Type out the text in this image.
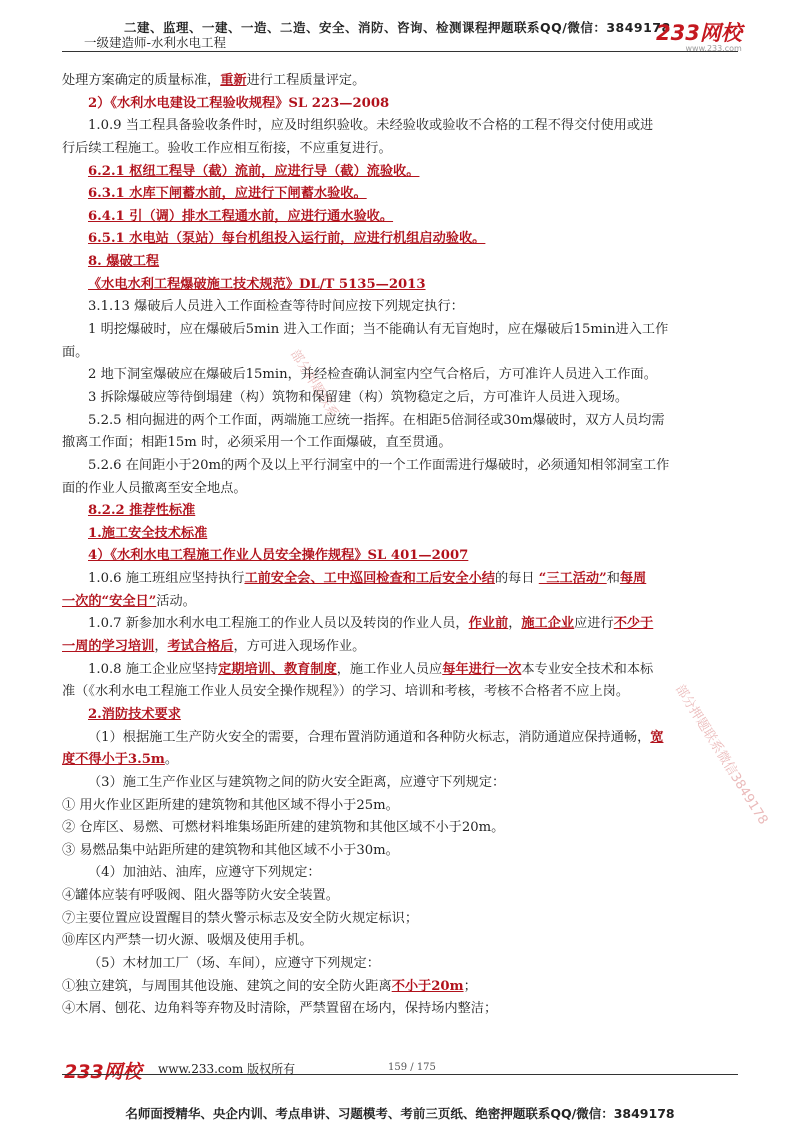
二建、监理、一建、一造、二造、安全、消防、咨询、检测课程押题联系QQ/微信：3849178
一级建造师-水利水电工程	233网校
www.233.com
部分押题联系
部分押题联系微信3849178
处理方案确定的质量标准，重新进行工程质量评定。
2）《水利水电建设工程验收规程》SL 223—2008
1.0.9 当工程具备验收条件时，应及时组织验收。未经验收或验收不合格的工程不得交付使用或进
行后续工程施工。验收工作应相互衔接，不应重复进行。
6.2.1 枢纽工程导（截）流前，应进行导（截）流验收。
6.3.1 水库下闸蓄水前，应进行下闸蓄水验收。
6.4.1 引（调）排水工程通水前，应进行通水验收。
6.5.1 水电站（泵站）每台机组投入运行前，应进行机组启动验收。
8. 爆破工程
《水电水利工程爆破施工技术规范》DL/T 5135—2013
3.1.13 爆破后人员进入工作面检查等待时间应按下列规定执行：
1 明挖爆破时，应在爆破后5min 进入工作面；当不能确认有无盲炮时，应在爆破后15min进入工作
面。
2 地下洞室爆破应在爆破后15min，并经检查确认洞室内空气合格后，方可准许人员进入工作面。
3 拆除爆破应等待倒塌建（构）筑物和保留建（构）筑物稳定之后，方可准许人员进入现场。
5.2.5 相向掘进的两个工作面，两端施工应统一指挥。在相距5倍洞径或30m爆破时，双方人员均需
撤离工作面；相距15m 时，必须采用一个工作面爆破，直至贯通。
5.2.6 在间距小于20m的两个及以上平行洞室中的一个工作面需进行爆破时，必须通知相邻洞室工作
面的作业人员撤离至安全地点。
8.2.2 推荐性标准
1.施工安全技术标准
4）《水利水电工程施工作业人员安全操作规程》SL 401—2007
1.0.6 施工班组应坚持执行工前安全会、工中巡回检查和工后安全小结的每日 “三工活动”和每周
一次的“安全日”活动。
1.0.7 新参加水利水电工程施工的作业人员以及转岗的作业人员，作业前，施工企业应进行不少于
一周的学习培训，考试合格后，方可进入现场作业。
1.0.8 施工企业应坚持定期培训、教育制度，施工作业人员应每年进行一次本专业安全技术和本标
准（《水利水电工程施工作业人员安全操作规程》）的学习、培训和考核，考核不合格者不应上岗。
2.消防技术要求
（1）根据施工生产防火安全的需要，合理布置消防通道和各种防火标志，消防通道应保持通畅，宽
度不得小于3.5m。
（3）施工生产作业区与建筑物之间的防火安全距离，应遵守下列规定：
① 用火作业区距所建的建筑物和其他区域不得小于25m。
② 仓库区、易燃、可燃材料堆集场距所建的建筑物和其他区域不小于20m。
③ 易燃品集中站距所建的建筑物和其他区域不小于30m。
（4）加油站、油库，应遵守下列规定：
④罐体应装有呼吸阀、阻火器等防火安全装置。
⑦主要位置应设置醒目的禁火警示标志及安全防火规定标识；
⑩库区内严禁一切火源、吸烟及使用手机。
（5）木材加工厂（场、车间），应遵守下列规定：
①独立建筑，与周围其他设施、建筑之间的安全防火距离不小于20m；
④木屑、刨花、边角料等弃物及时清除，严禁置留在场内，保持场内整洁；
233网校 www.233.com 版权所有	159 / 175
名师面授精华、央企内训、考点串讲、习题模考、考前三页纸、绝密押题联系QQ/微信：3849178
